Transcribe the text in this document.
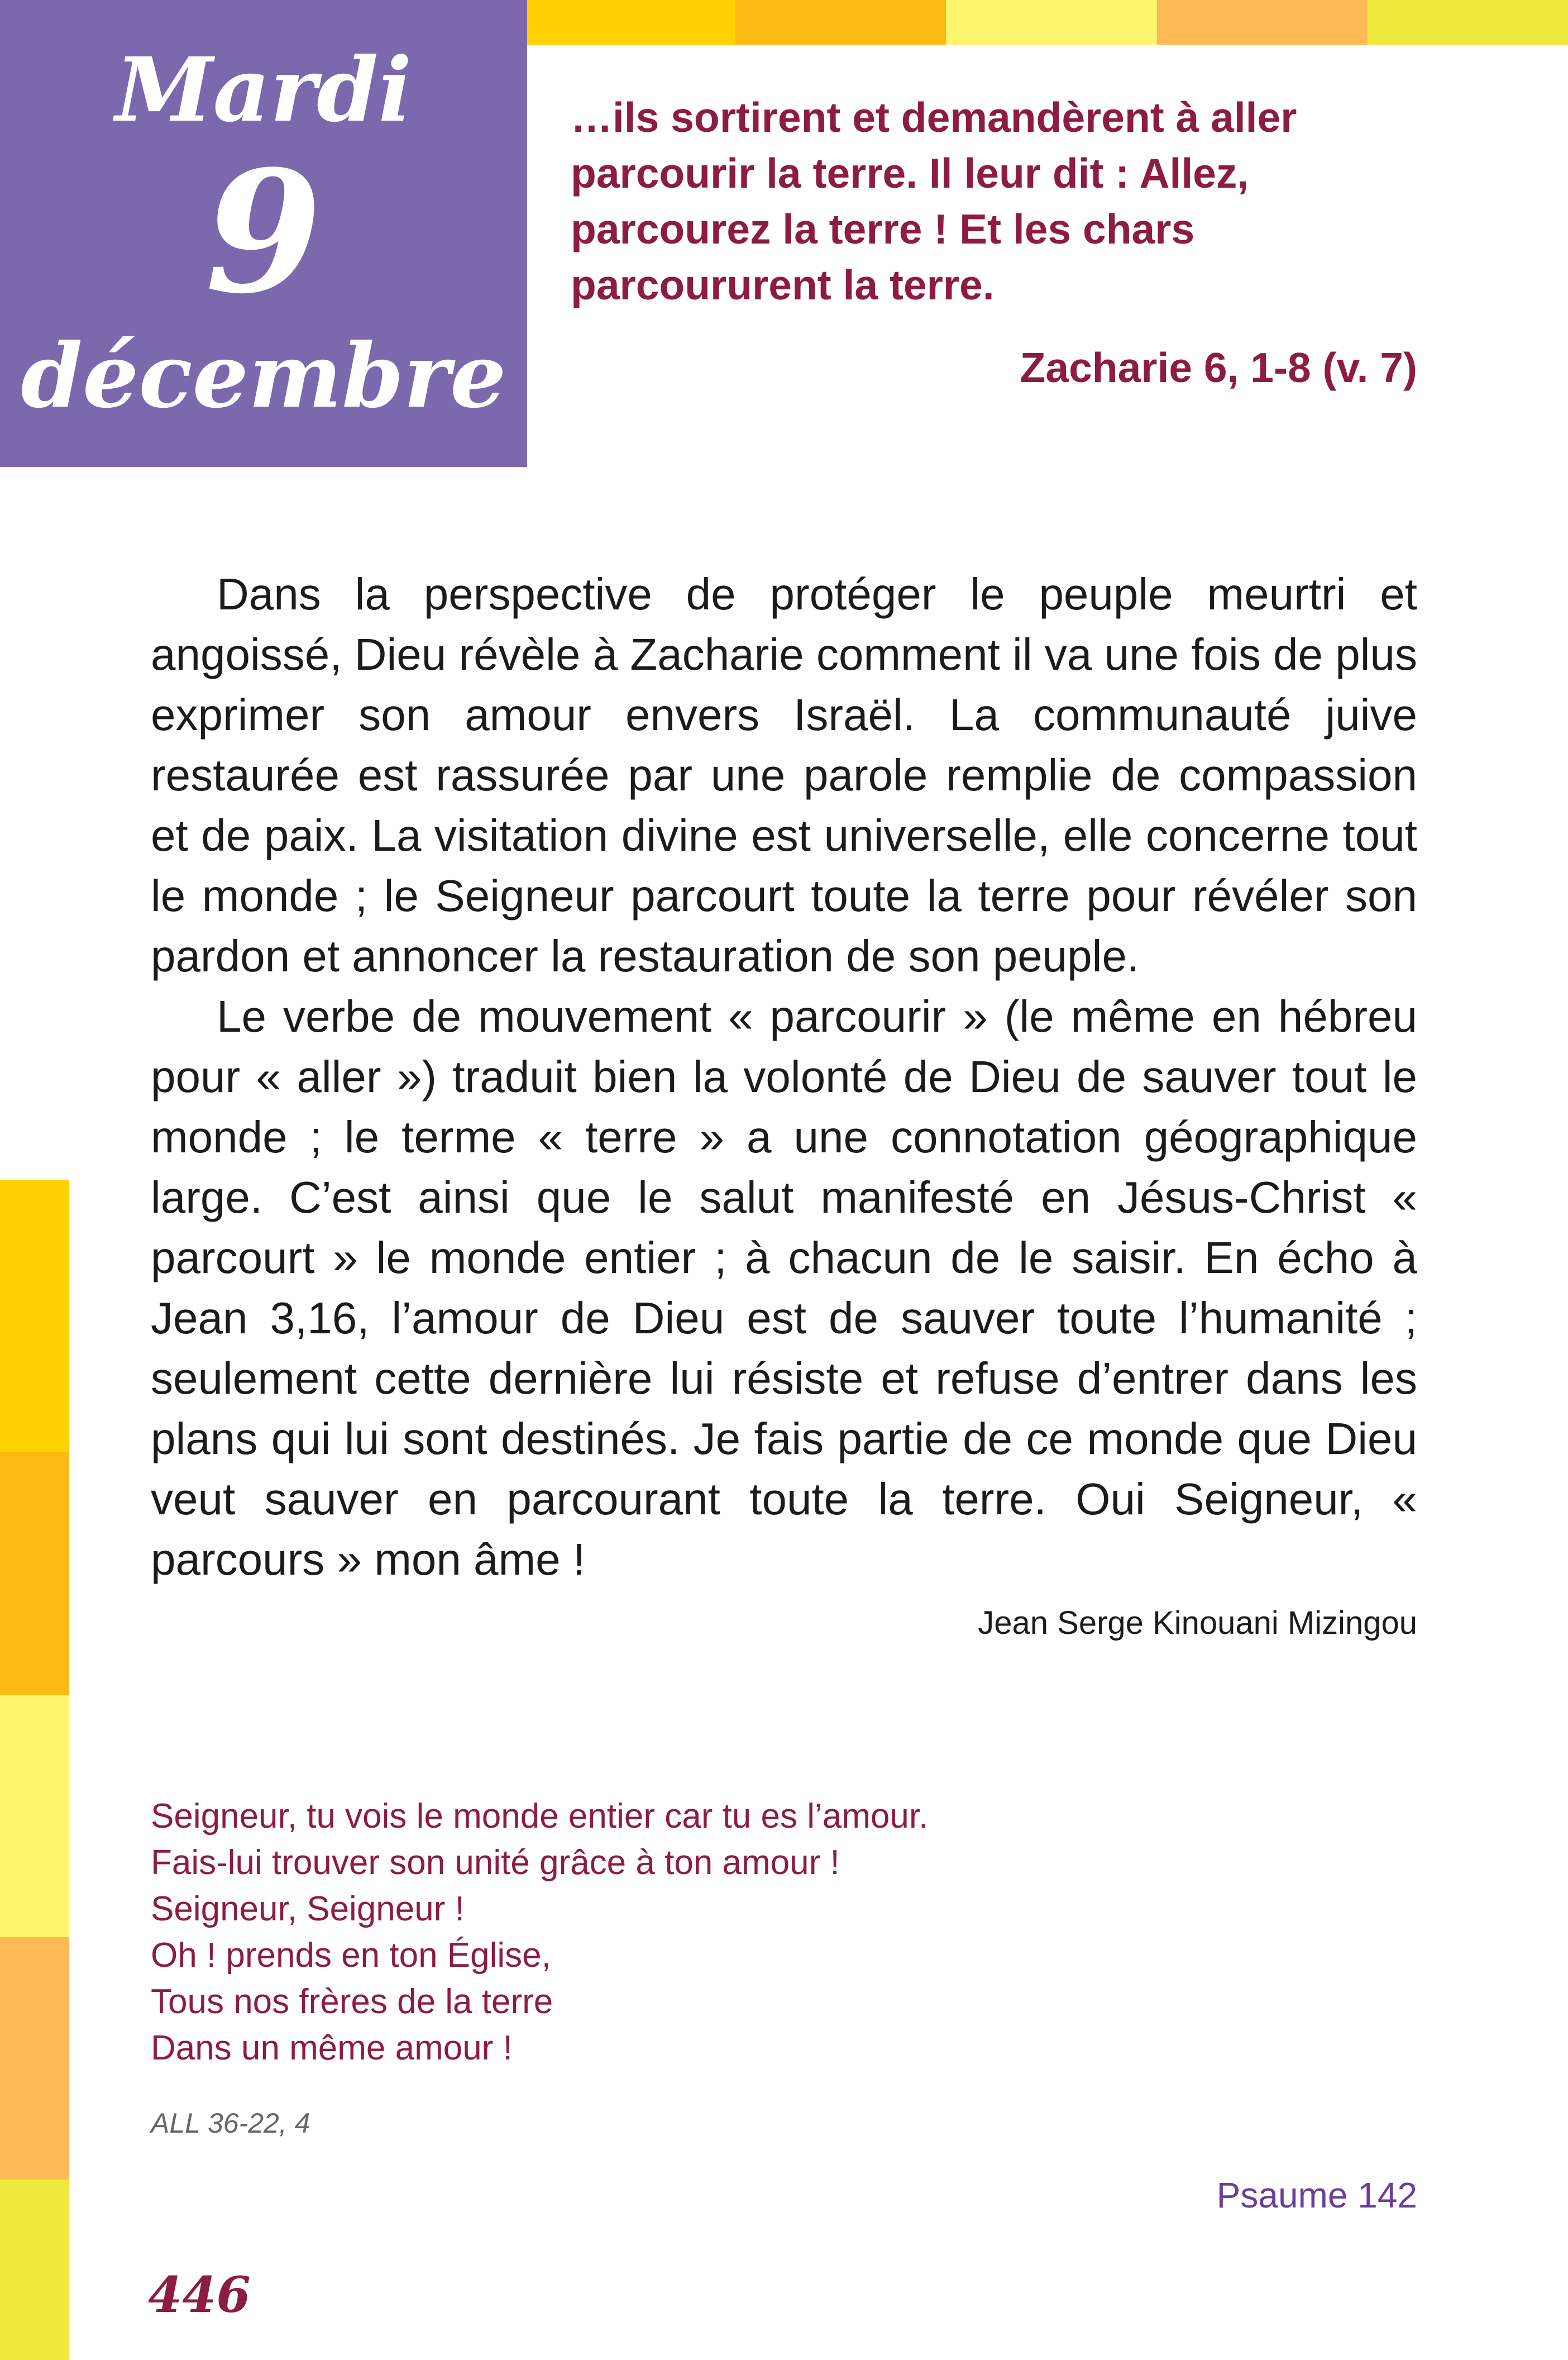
Mardi
9
décembre
…ils sortirent et demandèrent à aller parcourir la terre. Il leur dit : Allez, parcourez la terre ! Et les chars parcoururent la terre.
Zacharie 6, 1-8 (v. 7)

Dans la perspective de protéger le peuple meurtri et angoissé, Dieu révèle à Zacharie comment il va une fois de plus exprimer son amour envers Israël. La communauté juive restaurée est rassurée par une parole remplie de compassion et de paix. La visitation divine est universelle, elle concerne tout le monde ; le Seigneur parcourt toute la terre pour révéler son pardon et annoncer la restauration de son peuple.

Le verbe de mouvement « parcourir » (le même en hébreu pour « aller ») traduit bien la volonté de Dieu de sauver tout le monde ; le terme « terre » a une connotation géographique large. C’est ainsi que le salut manifesté en Jésus-Christ « parcourt » le monde entier ; à chacun de le saisir. En écho à Jean 3,16, l’amour de Dieu est de sauver toute l’humanité ; seulement cette dernière lui résiste et refuse d’entrer dans les plans qui lui sont destinés. Je fais partie de ce monde que Dieu veut sauver en parcourant toute la terre. Oui Seigneur, « parcours » mon âme !

Jean Serge Kinouani Mizingou
Seigneur, tu vois le monde entier car tu es l’amour.
Fais-lui trouver son unité grâce à ton amour !
Seigneur, Seigneur !
Oh ! prends en ton Église,
Tous nos frères de la terre
Dans un même amour !
ALL 36-22, 4
Psaume 142
446
